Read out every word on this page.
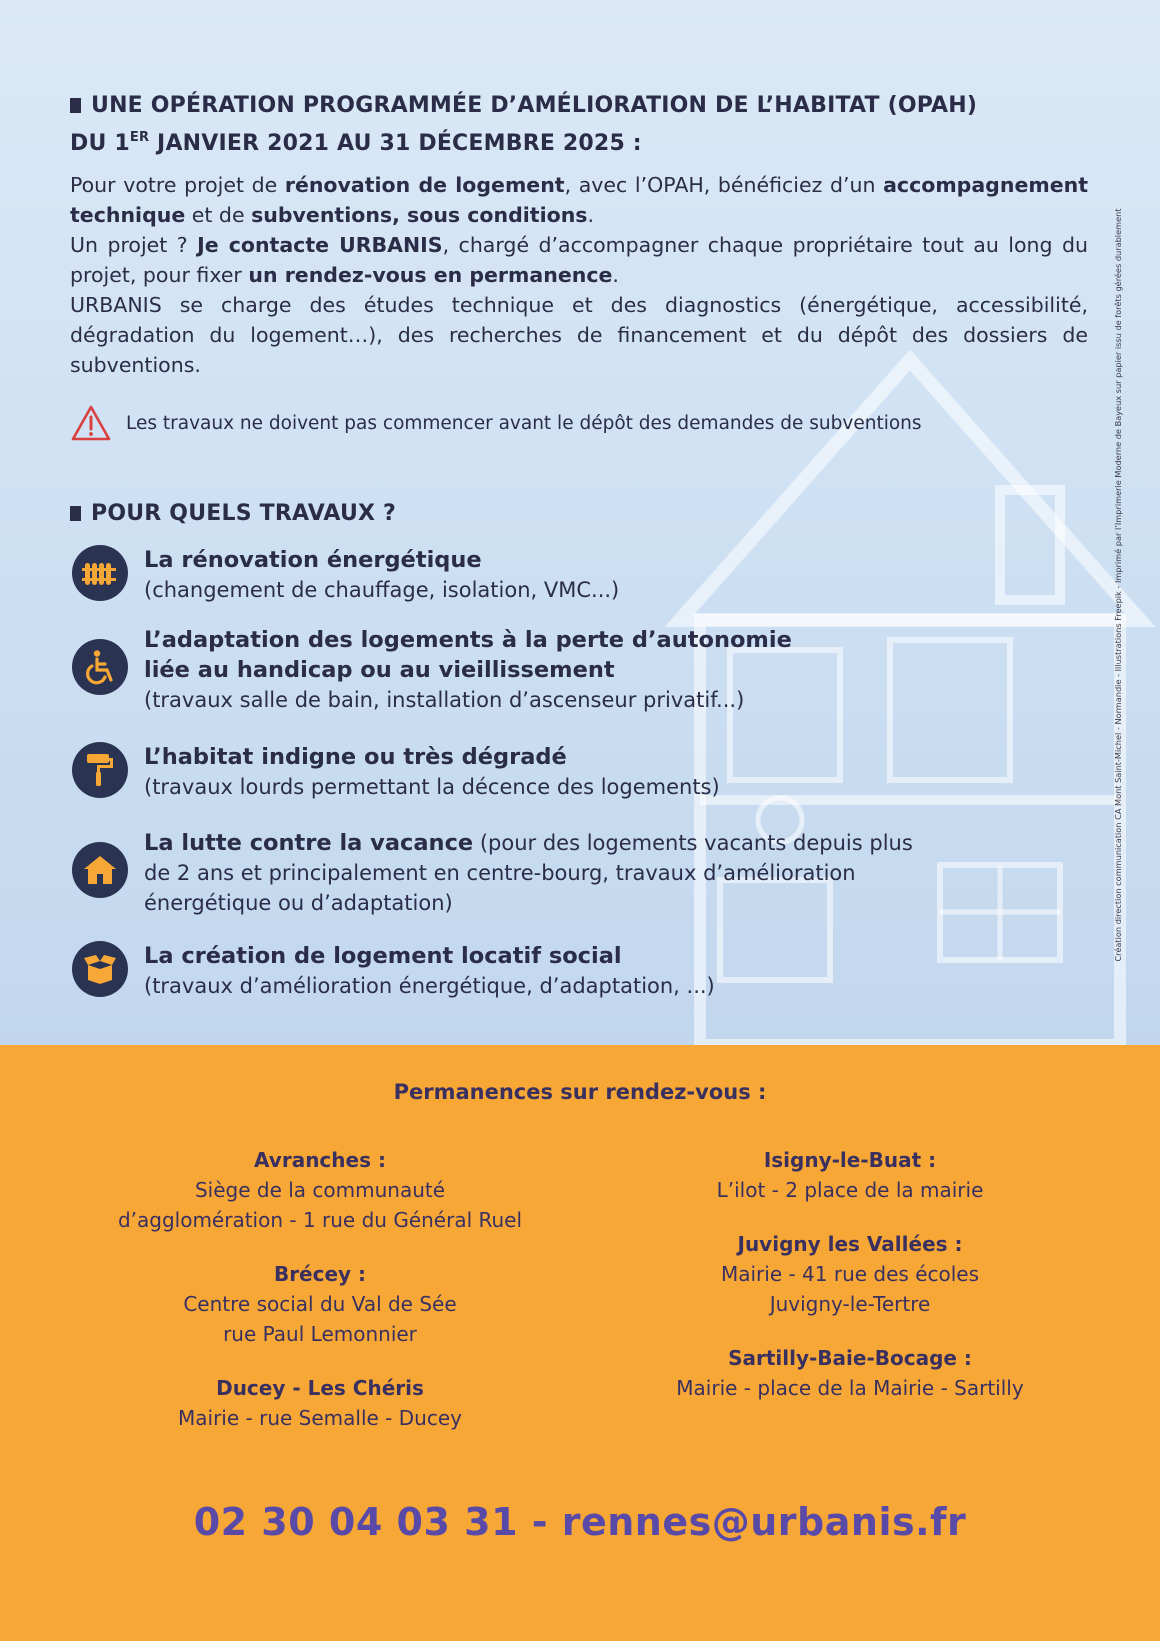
UNE OPÉRATION PROGRAMMÉE D’AMÉLIORATION DE L’HABITAT (OPAH)
DU 1ER JANVIER 2021 AU 31 DÉCEMBRE 2025 :

Pour votre projet de rénovation de logement, avec l’OPAH, bénéficiez d’un accompagnement technique et de subventions, sous conditions.

Un projet ? Je contacte URBANIS, chargé d’accompagner chaque propriétaire tout au long du projet, pour fixer un rendez-vous en permanence.

URBANIS se charge des études technique et des diagnostics (énergétique, accessibilité, dégradation du logement…), des recherches de financement et du dépôt des dossiers de subventions.

Les travaux ne doivent pas commencer avant le dépôt des demandes de subventions
POUR QUELS TRAVAUX ?
La rénovation énergétique
(changement de chauffage, isolation, VMC...)
L’adaptation des logements à la perte d’autonomie liée au handicap ou au vieillissement
(travaux salle de bain, installation d’ascenseur privatif...)
L’habitat indigne ou très dégradé
(travaux lourds permettant la décence des logements)
La lutte contre la vacance (pour des logements vacants depuis plus de 2 ans et principalement en centre-bourg, travaux d’amélioration énergétique ou d’adaptation)
La création de logement locatif social
(travaux d’amélioration énergétique, d’adaptation, ...)
Création direction communication CA Mont Saint-Michel - Normandie - Illustrations Freepik - Imprimé par l’Imprimerie Moderne de Bayeux sur papier issu de forêts gérées durablement
Permanences sur rendez-vous :
Avranches :
Siège de la communauté
d’agglomération - 1 rue du Général Ruel
Brécey :
Centre social du Val de Sée
rue Paul Lemonnier
Ducey - Les Chéris
Mairie - rue Semalle - Ducey
Isigny-le-Buat :
L’ilot - 2 place de la mairie
Juvigny les Vallées :
Mairie - 41 rue des écoles
Juvigny-le-Tertre
Sartilly-Baie-Bocage :
Mairie - place de la Mairie - Sartilly
02 30 04 03 31 - rennes@urbanis.fr
